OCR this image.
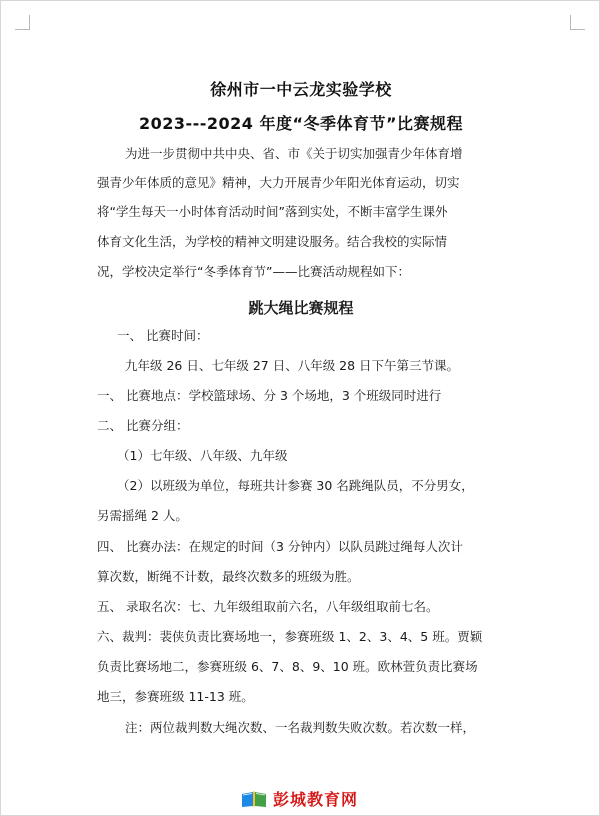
徐州市一中云龙实验学校
2023---2024 年度“冬季体育节”比赛规程

为进一步贯彻中共中央、省、市《关于切实加强青少年体育增

强青少年体质的意见》精神，大力开展青少年阳光体育运动，切实

将“学生每天一小时体育活动时间”落到实处，不断丰富学生课外

体育文化生活，为学校的精神文明建设服务。结合我校的实际情

况，学校决定举行“冬季体育节”——比赛活动规程如下：

跳大绳比赛规程

一、 比赛时间：

九年级 26 日、七年级 27 日、八年级 28 日下午第三节课。

一、 比赛地点：学校篮球场、分 3 个场地，3 个班级同时进行

二、 比赛分组：

（1）七年级、八年级、九年级

（2）以班级为单位，每班共计参赛 30 名跳绳队员，不分男女，

另需摇绳 2 人。

四、 比赛办法：在规定的时间（3 分钟内）以队员跳过绳每人次计

算次数，断绳不计数，最终次数多的班级为胜。

五、 录取名次：七、九年级组取前六名，八年级组取前七名。

六、裁判：裴侠负责比赛场地一，参赛班级 1、2、3、4、5 班。贾颖

负责比赛场地二，参赛班级 6、7、8、9、10 班。欧林萱负责比赛场

地三，参赛班级 11-13 班。

注：两位裁判数大绳次数、一名裁判数失败次数。若次数一样，

彭城教育网
